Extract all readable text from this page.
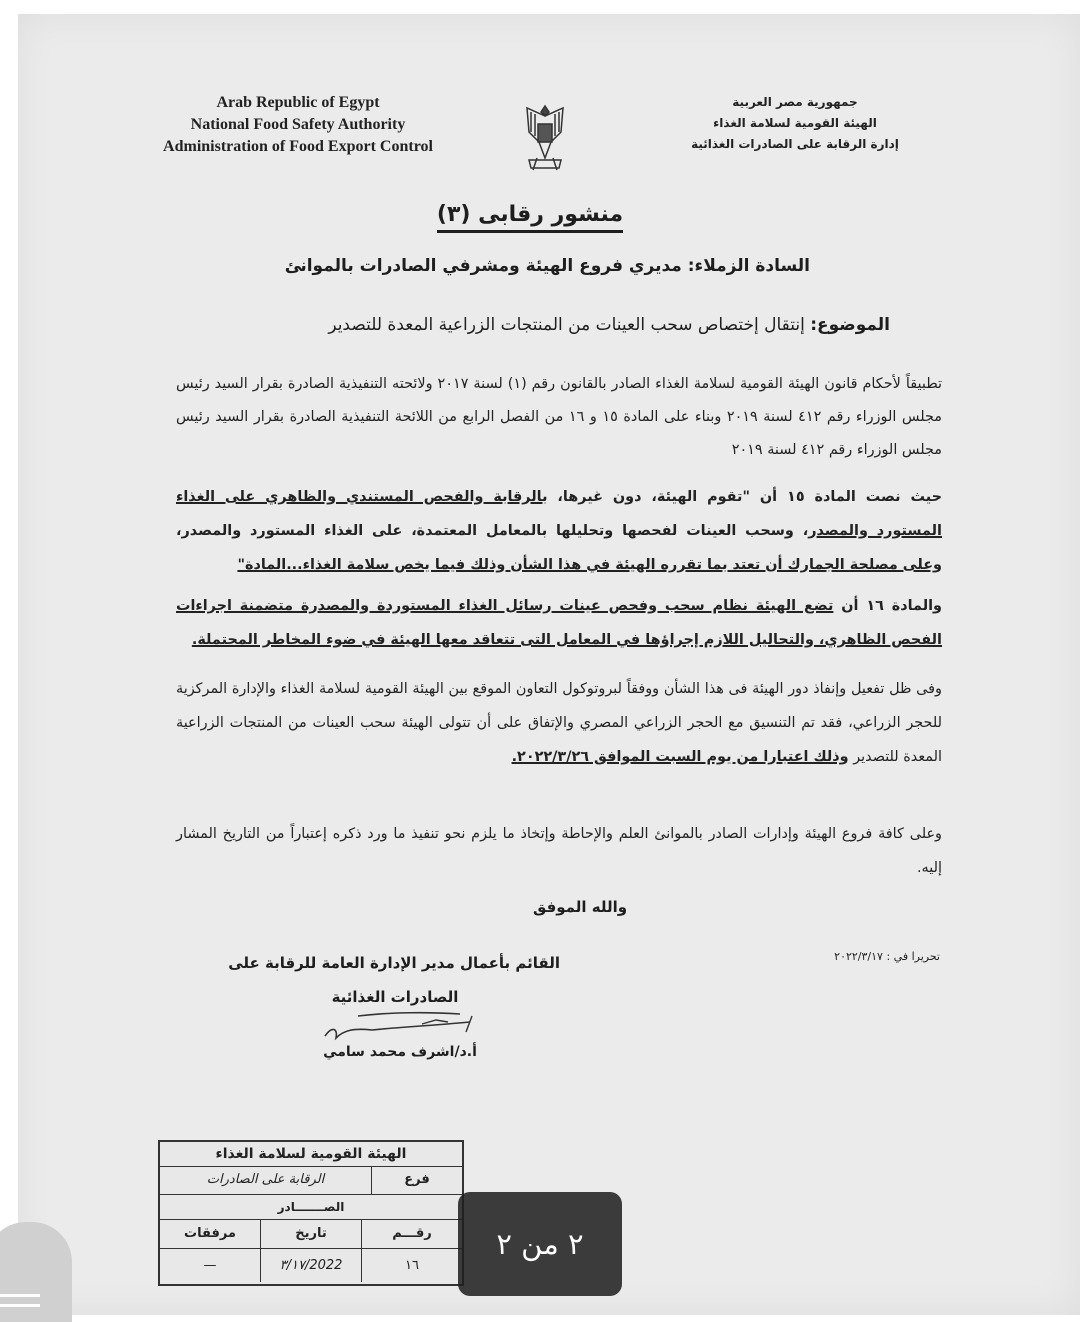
Arab Republic of Egypt
National Food Safety Authority
Administration of Food Export Control
جمهورية مصر العربية
الهيئة القومية لسلامة الغذاء
إدارة الرقابة على الصادرات الغذائية
منشور رقابى (٣)
السادة الزملاء: مديري فروع الهيئة ومشرفي الصادرات بالموانئ
الموضوع: إنتقال إختصاص سحب العينات من المنتجات الزراعية المعدة للتصدير
تطبيقاً لأحكام قانون الهيئة القومية لسلامة الغذاء الصادر بالقانون رقم (١) لسنة ٢٠١٧ ولائحته التنفيذية الصادرة بقرار السيد رئيس مجلس الوزراء رقم ٤١٢ لسنة ٢٠١٩ وبناء على المادة ١٥ و ١٦ من الفصل الرابع من اللائحة التنفيذية الصادرة بقرار السيد رئيس مجلس الوزراء رقم ٤١٢ لسنة ٢٠١٩
حيث نصت المادة ١٥ أن "تقوم الهيئة، دون غيرها، بالرقابة والفحص المستندي والظاهري على الغذاء المستورد والمصدر، وسحب العينات لفحصها وتحليلها بالمعامل المعتمدة، على الغذاء المستورد والمصدر، وعلى مصلحة الجمارك أن تعتد بما تقرره الهيئة في هذا الشأن وذلك فيما يخص سلامة الغذاء...المادة"
والمادة ١٦ أن تضع الهيئة نظام سحب وفحص عينات رسائل الغذاء المستوردة والمصدرة متضمنة اجراءات الفحص الظاهري، والتحاليل اللازم إجراؤها في المعامل التى تتعاقد معها الهيئة في ضوء المخاطر المحتملة.
وفى ظل تفعيل وإنفاذ دور الهيئة فى هذا الشأن ووفقاً لبروتوكول التعاون الموقع بين الهيئة القومية لسلامة الغذاء والإدارة المركزية للحجر الزراعي، فقد تم التنسيق مع الحجر الزراعي المصري والإتفاق على أن تتولى الهيئة سحب العينات من المنتجات الزراعية المعدة للتصدير وذلك اعتبارا من يوم السبت الموافق ٢٠٢٢/٣/٢٦.
وعلى كافة فروع الهيئة وإدارات الصادر بالموانئ العلم والإحاطة وإتخاذ ما يلزم نحو تنفيذ ما ورد ذكره إعتباراً من التاريخ المشار إليه.
والله الموفق
تحريرا في : ٢٠٢٢/٣/١٧
القائم بأعمال مدير الإدارة العامة للرقابة على
الصادرات الغذائية
أ.د/اشرف محمد سامي
الهيئة القومية لسلامة الغذاء
فرع
الرقابة على الصادرات
الصـــــــادر
رقـــم
تاريخ
مرفقات
١٦
2022/٣/١٧
—
٢ من ٢
